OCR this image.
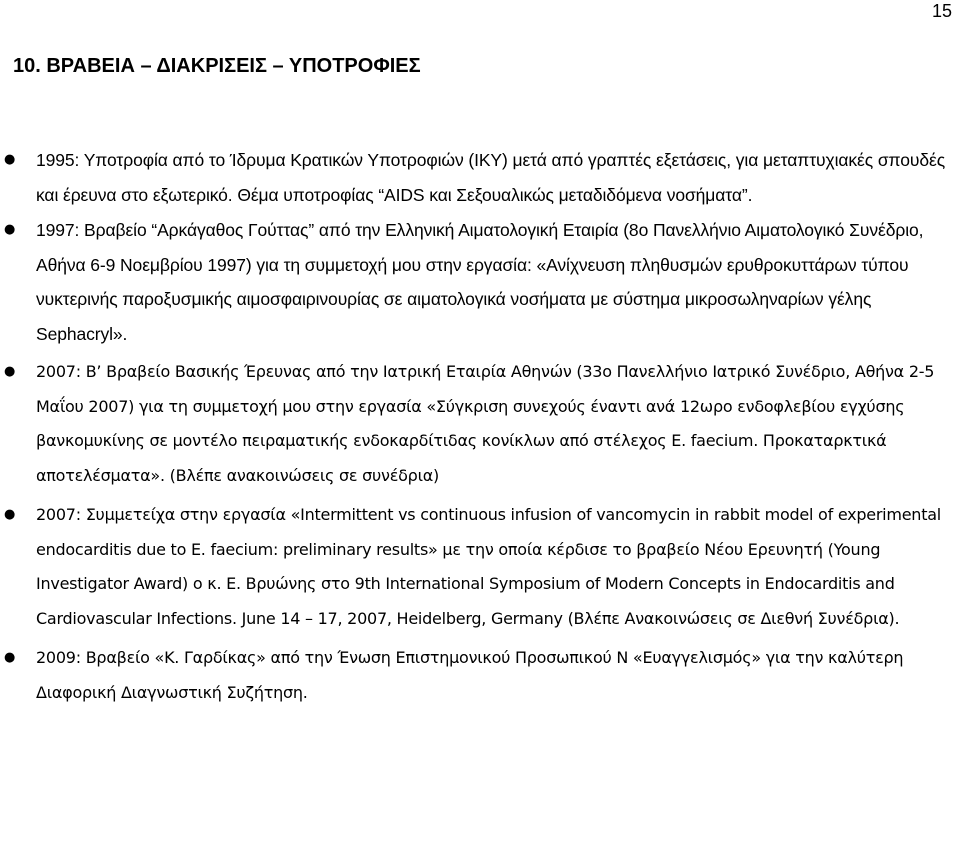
15
10. ΒΡΑΒΕΙΑ – ΔΙΑΚΡΙΣΕΙΣ – ΥΠΟΤΡΟΦΙΕΣ
● 1995: Υποτροφία από το Ίδρυμα Κρατικών Υποτροφιών (ΙΚΥ) μετά από γραπτές εξετάσεις, για μεταπτυχιακές σπουδές και έρευνα στο εξωτερικό. Θέμα υποτροφίας “AIDS και Σεξουαλικώς μεταδιδόμενα νοσήματα”.
● 1997: Βραβείο “Αρκάγαθος Γούττας” από την Ελληνική Αιματολογική Εταιρία (8ο Πανελλήνιο Αιματολογικό Συνέδριο, Αθήνα 6-9 Νοεμβρίου 1997) για τη συμμετοχή μου στην εργασία: «Ανίχνευση πληθυσμών ερυθροκυττάρων τύπου νυκτερινής παροξυσμικής αιμοσφαιρινουρίας σε αιματολογικά νοσήματα με σύστημα μικροσωληναρίων γέλης Sephacryl».
● 2007: Β’ Βραβείο Βασικής Έρευνας από την Ιατρική Εταιρία Αθηνών (33ο Πανελλήνιο Ιατρικό Συνέδριο, Αθήνα 2-5 Μαΐου 2007) για τη συμμετοχή μου στην εργασία «Σύγκριση συνεχούς έναντι ανά 12ωρο ενδοφλεβίου εγχύσης βανκομυκίνης σε μοντέλο πειραματικής ενδοκαρδίτιδας κονίκλων από στέλεχος E. faecium. Προκαταρκτικά αποτελέσματα». (Βλέπε ανακοινώσεις σε συνέδρια)
● 2007: Συμμετείχα στην εργασία «Intermittent vs continuous infusion of vancomycin in rabbit model of experimental endocarditis due to E. faecium: preliminary results» με την οποία κέρδισε το βραβείο Νέου Ερευνητή (Young Investigator Award) ο κ. Ε. Βρυώνης στο 9th International Symposium of Modern Concepts in Endocarditis and Cardiovascular Infections. June 14 – 17, 2007, Heidelberg, Germany (Βλέπε Ανακοινώσεις σε Διεθνή Συνέδρια).
● 2009: Βραβείο «Κ. Γαρδίκας» από την Ένωση Επιστημονικού Προσωπικού Ν «Ευαγγελισμός» για την καλύτερη Διαφορική Διαγνωστική Συζήτηση.
